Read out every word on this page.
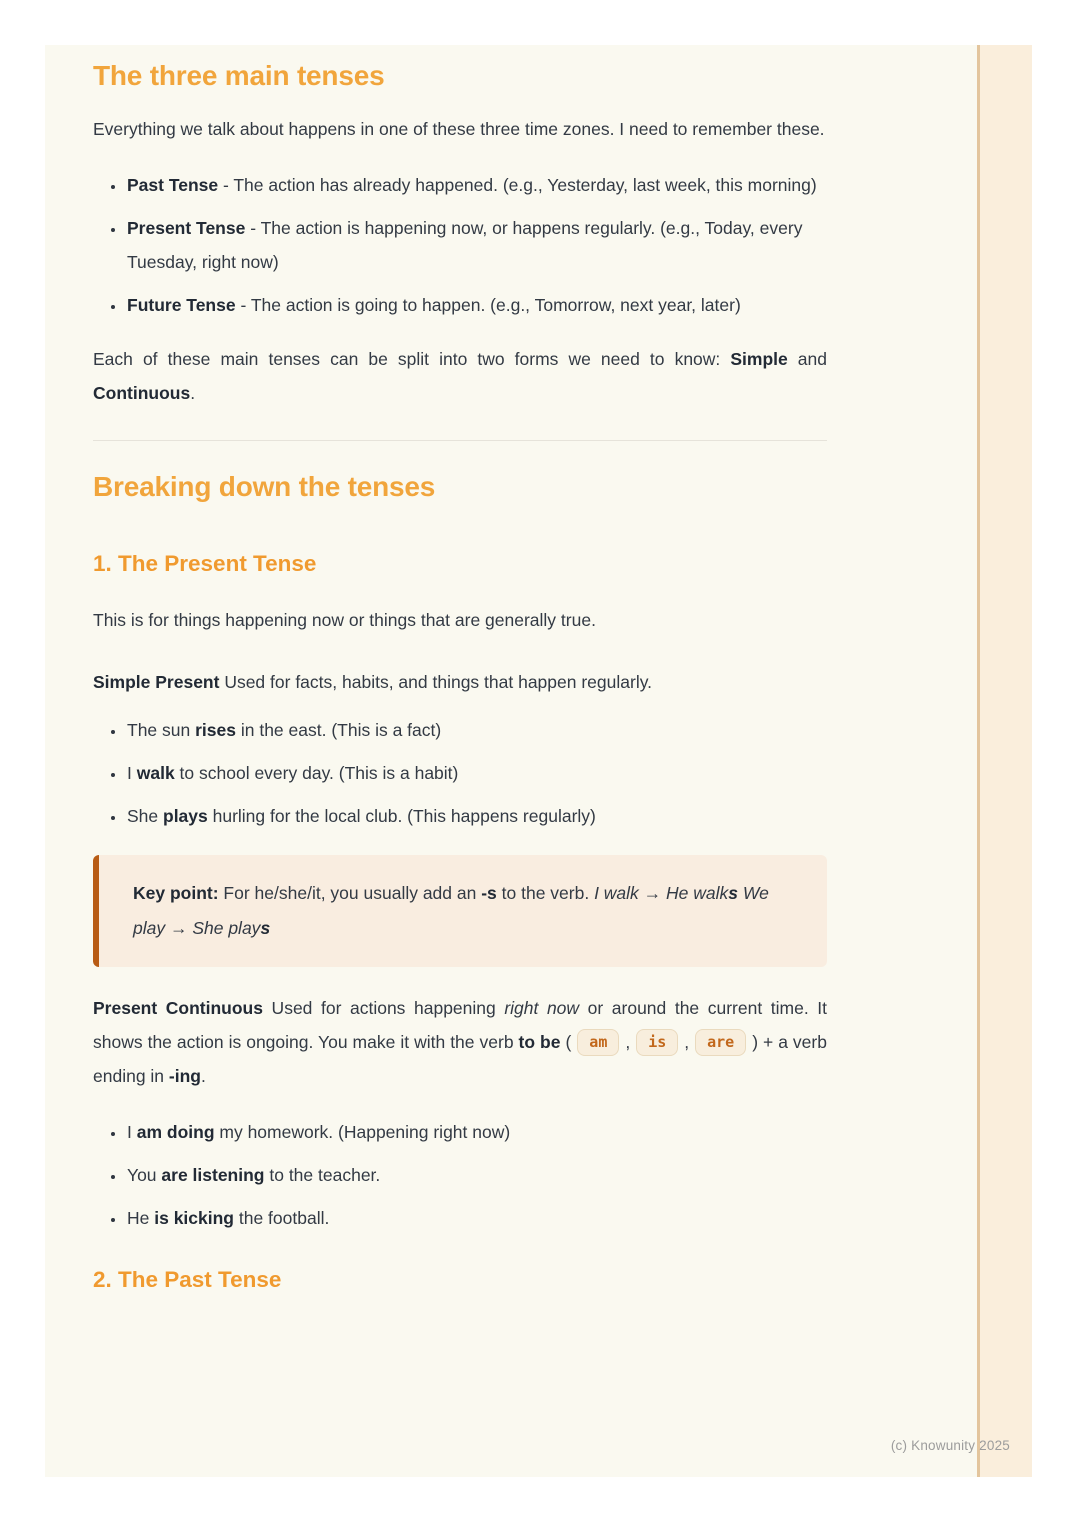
The three main tenses

Everything we talk about happens in one of these three time zones. I need to remember these.

• Past Tense - The action has already happened. (e.g., Yesterday, last week, this morning)
• Present Tense - The action is happening now, or happens regularly. (e.g., Today, every Tuesday, right now)
• Future Tense - The action is going to happen. (e.g., Tomorrow, next year, later)

Each of these main tenses can be split into two forms we need to know: Simple and Continuous.

Breaking down the tenses
1. The Present Tense

This is for things happening now or things that are generally true.

Simple Present Used for facts, habits, and things that happen regularly.

• The sun rises in the east. (This is a fact)
• I walk to school every day. (This is a habit)
• She plays hurling for the local club. (This happens regularly)
Key point: For he/she/it, you usually add an -s to the verb. I walk → He walks We play → She plays

Present Continuous Used for actions happening right now or around the current time. It shows the action is ongoing. You make it with the verb to be ( am , is , are ) + a verb ending in -ing.

• I am doing my homework. (Happening right now)
• You are listening to the teacher.
• He is kicking the football.
2. The Past Tense
(c) Knowunity 2025
